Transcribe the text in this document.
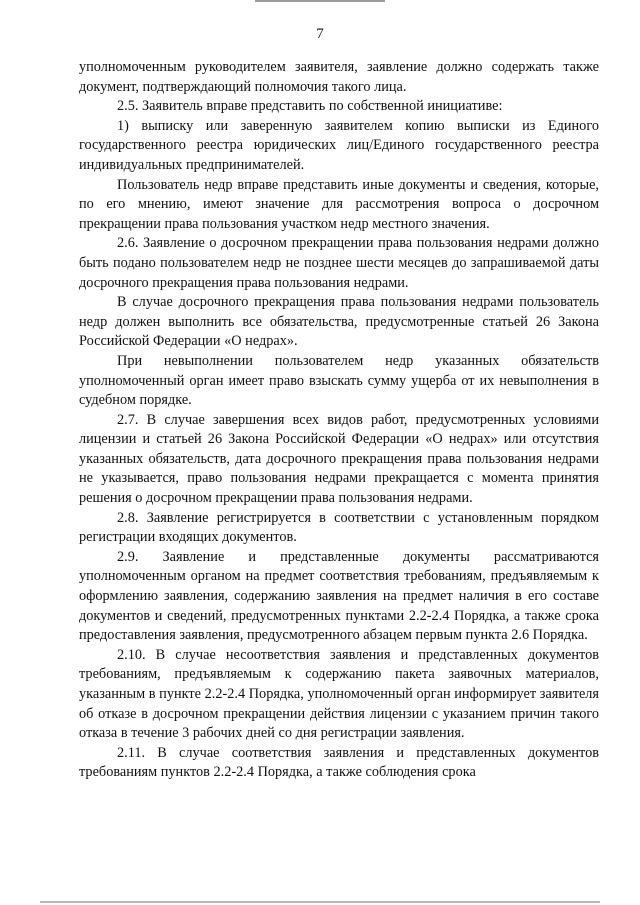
7

уполномоченным руководителем заявителя, заявление должно содержать также документ, подтверждающий полномочия такого лица.

2.5. Заявитель вправе представить по собственной инициативе:

1) выписку или заверенную заявителем копию выписки из Единого государственного реестра юридических лиц/Единого государственного реестра индивидуальных предпринимателей.

Пользователь недр вправе представить иные документы и сведения, которые, по его мнению, имеют значение для рассмотрения вопроса о досрочном прекращении права пользования участком недр местного значения.

2.6. Заявление о досрочном прекращении права пользования недрами должно быть подано пользователем недр не позднее шести месяцев до запрашиваемой даты досрочного прекращения права пользования недрами.

В случае досрочного прекращения права пользования недрами пользователь недр должен выполнить все обязательства, предусмотренные статьей 26 Закона Российской Федерации «О недрах».

При невыполнении пользователем недр указанных обязательств уполномоченный орган имеет право взыскать сумму ущерба от их невыполнения в судебном порядке.

2.7. В случае завершения всех видов работ, предусмотренных условиями лицензии и статьей 26 Закона Российской Федерации «О недрах» или отсутствия указанных обязательств, дата досрочного прекращения права пользования недрами не указывается, право пользования недрами прекращается с момента принятия решения о досрочном прекращении права пользования недрами.

2.8. Заявление регистрируется в соответствии с установленным порядком регистрации входящих документов.

2.9. Заявление и представленные документы рассматриваются уполномоченным органом на предмет соответствия требованиям, предъявляемым к оформлению заявления, содержанию заявления на предмет наличия в его составе документов и сведений, предусмотренных пунктами 2.2-2.4 Порядка, а также срока предоставления заявления, предусмотренного абзацем первым пункта 2.6 Порядка.

2.10. В случае несоответствия заявления и представленных документов требованиям, предъявляемым к содержанию пакета заявочных материалов, указанным в пункте 2.2-2.4 Порядка, уполномоченный орган информирует заявителя об отказе в досрочном прекращении действия лицензии с указанием причин такого отказа в течение 3 рабочих дней со дня регистрации заявления.

2.11. В случае соответствия заявления и представленных документов требованиям пунктов 2.2-2.4 Порядка, а также соблюдения срока
